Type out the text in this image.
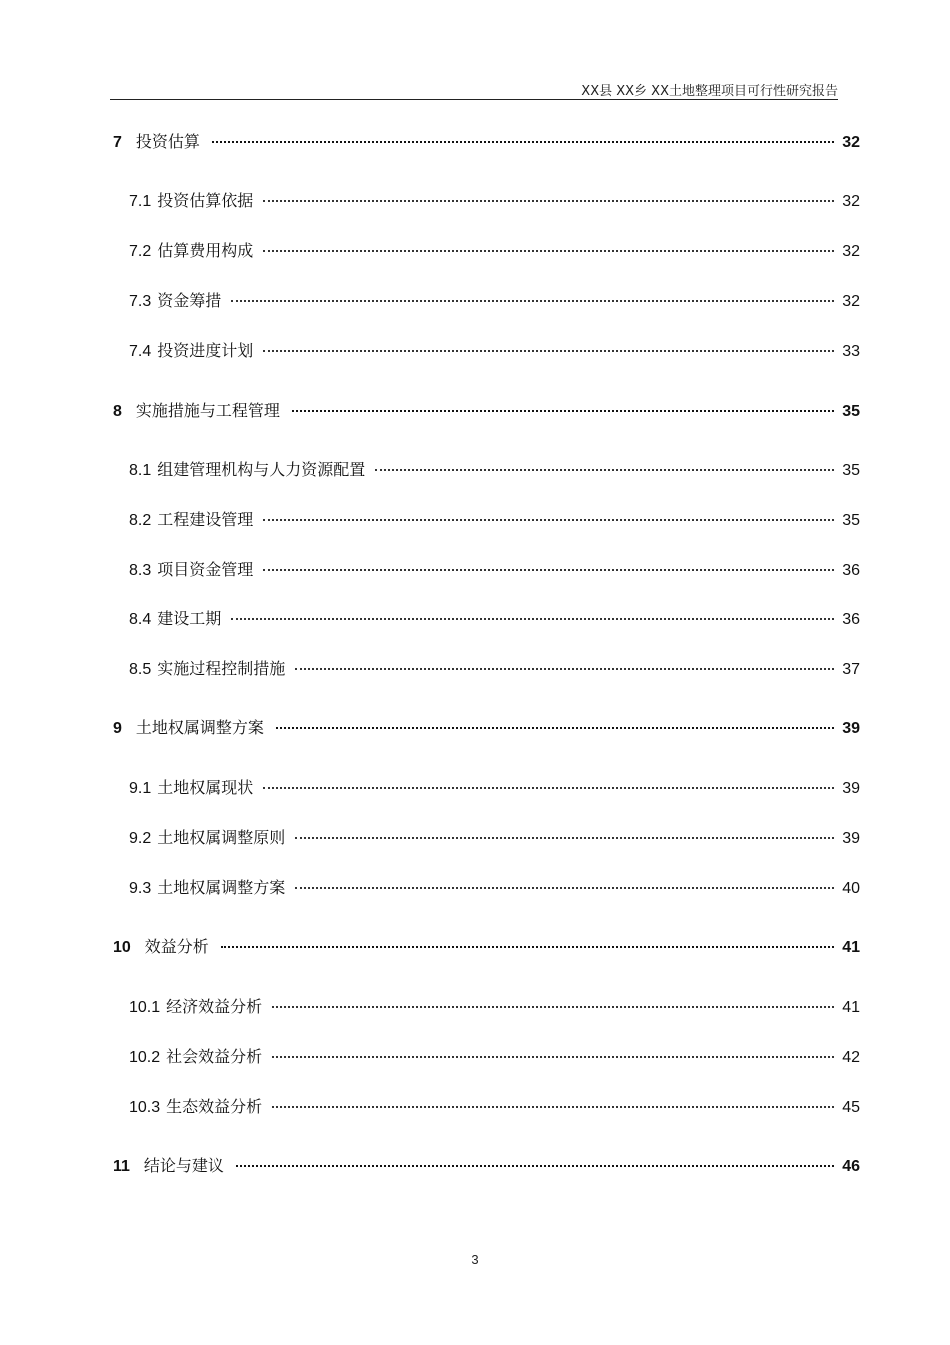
XX县 XX乡 XX土地整理项目可行性研究报告
7 投资估算	32
7.1 投资估算依据	32
7.2 估算费用构成	32
7.3 资金筹措	32
7.4 投资进度计划	33
8 实施措施与工程管理	35
8.1 组建管理机构与人力资源配置	35
8.2 工程建设管理	35
8.3 项目资金管理	36
8.4 建设工期	36
8.5 实施过程控制措施	37
9 土地权属调整方案	39
9.1 土地权属现状	39
9.2 土地权属调整原则	39
9.3 土地权属调整方案	40
10 效益分析	41
10.1 经济效益分析	41
10.2 社会效益分析	42
10.3 生态效益分析	45
11 结论与建议	46
3
